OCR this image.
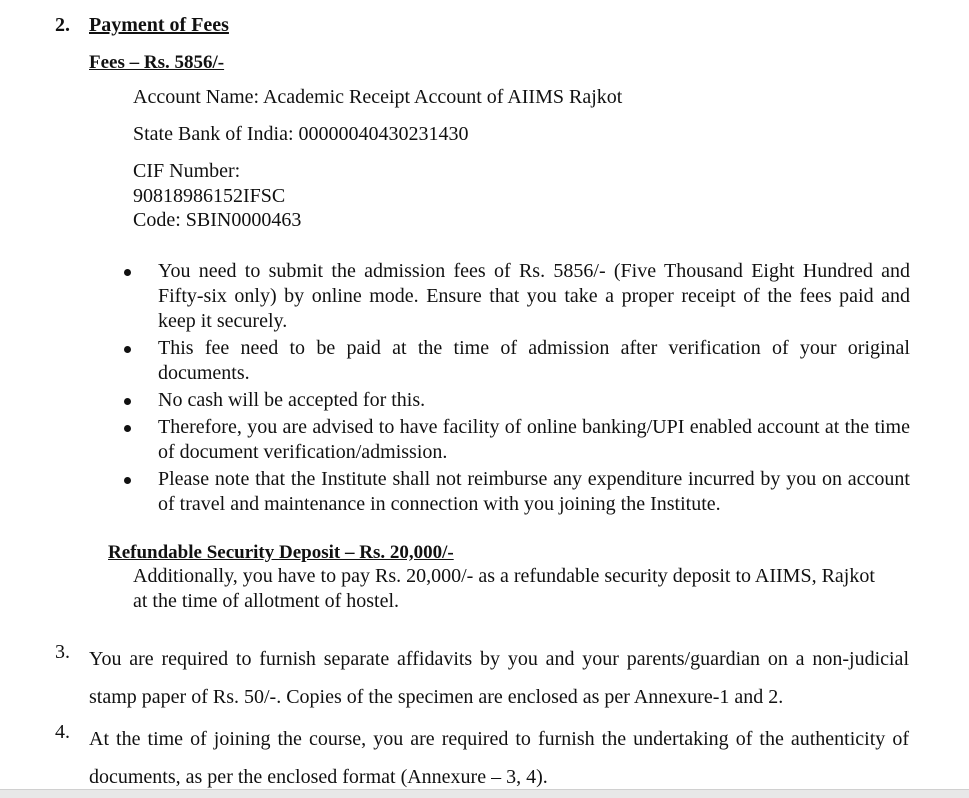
2. Payment of Fees
Fees – Rs. 5856/-
Account Name: Academic Receipt Account of AIIMS Rajkot
State Bank of India: 00000040430231430
CIF Number:
90818986152IFSC
Code: SBIN0000463
You need to submit the admission fees of Rs. 5856/- (Five Thousand Eight Hundred and Fifty-six only) by online mode. Ensure that you take a proper receipt of the fees paid and keep it securely.
This fee need to be paid at the time of admission after verification of your original documents.
No cash will be accepted for this.
Therefore, you are advised to have facility of online banking/UPI enabled account at the time of document verification/admission.
Please note that the Institute shall not reimburse any expenditure incurred by you on account of travel and maintenance in connection with you joining the Institute.
Refundable Security Deposit – Rs. 20,000/-
Additionally, you have to pay Rs. 20,000/- as a refundable security deposit to AIIMS, Rajkot at the time of allotment of hostel.
3. You are required to furnish separate affidavits by you and your parents/guardian on a non-judicial stamp paper of Rs. 50/-. Copies of the specimen are enclosed as per Annexure-1 and 2.
4. At the time of joining the course, you are required to furnish the undertaking of the authenticity of documents, as per the enclosed format (Annexure – 3, 4).
